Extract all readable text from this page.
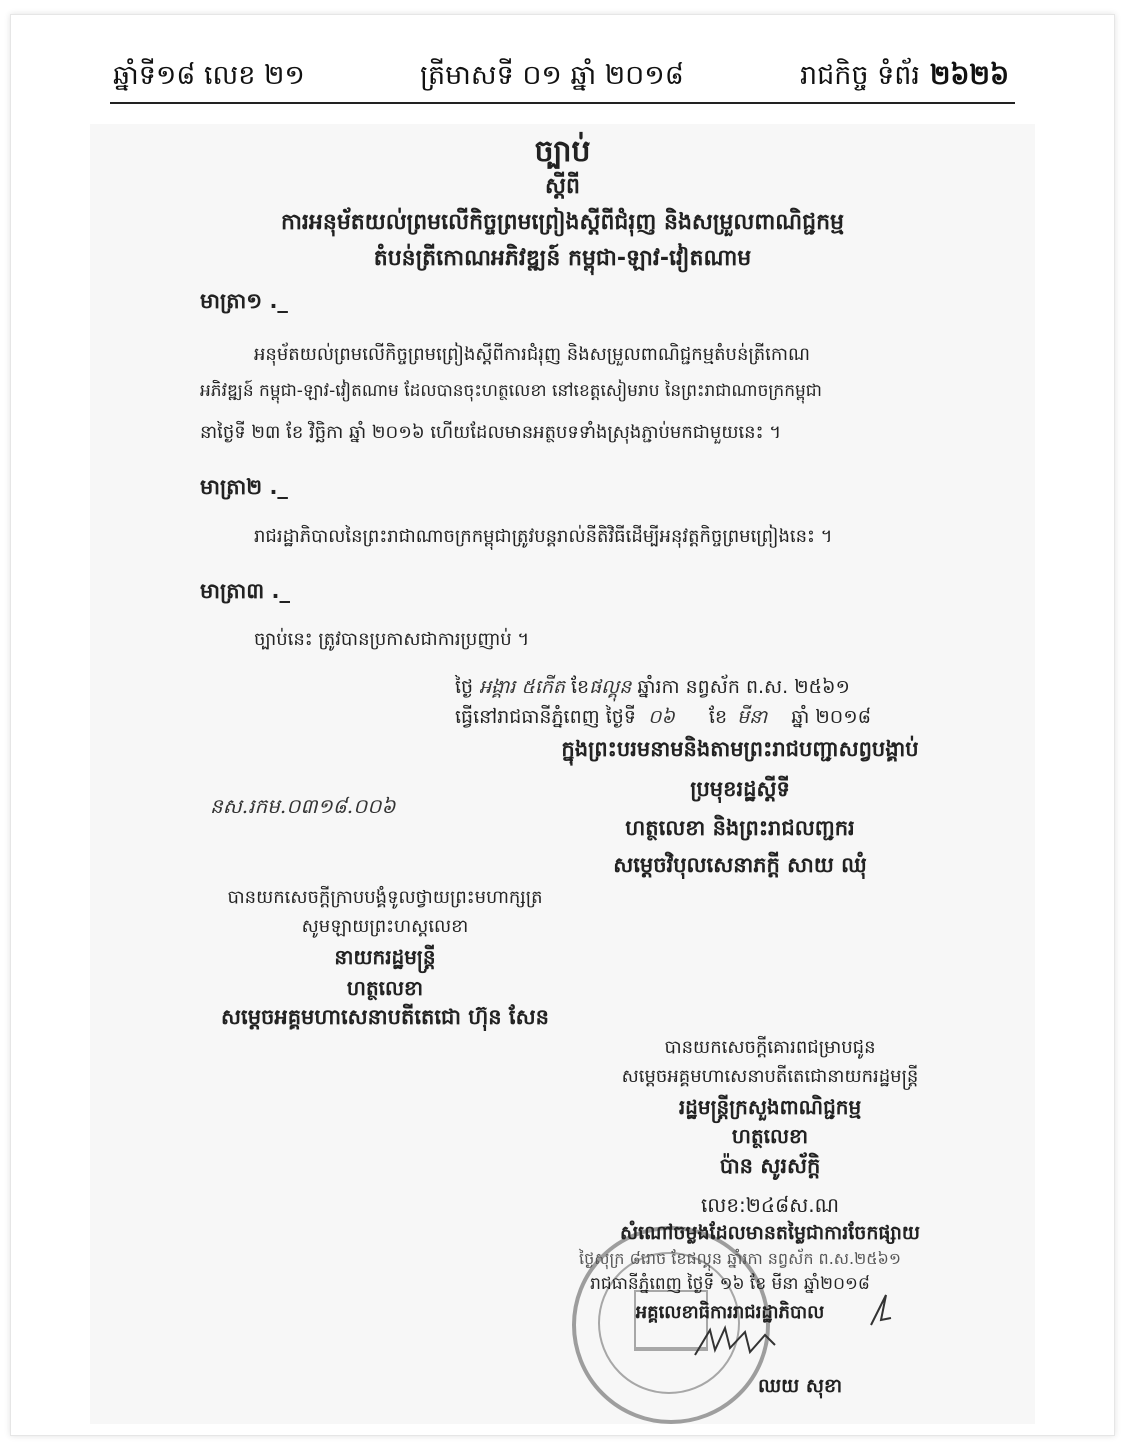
ឆ្នាំទី១៨ លេខ ២១	ត្រីមាសទី ០១ ឆ្នាំ ២០១៨	រាជកិច្ច ទំព័រ ២៦២៦
ច្បាប់
ស្តីពី
ការអនុម័តយល់ព្រមលើកិច្ចព្រមព្រៀងស្តីពីជំរុញ និងសម្រួលពាណិជ្ជកម្ម
តំបន់ត្រីកោណអភិវឌ្ឍន៍ កម្ពុជា-ឡាវ-វៀតណាម
មាត្រា១ ._
អនុម័តយល់ព្រមលើកិច្ចព្រមព្រៀងស្តីពីការជំរុញ និងសម្រួលពាណិជ្ជកម្មតំបន់ត្រីកោណ
អភិវឌ្ឍន៍ កម្ពុជា-ឡាវ-វៀតណាម ដែលបានចុះហត្ថលេខា នៅខេត្តសៀមរាប នៃព្រះរាជាណាចក្រកម្ពុជា
នាថ្ងៃទី ២៣ ខែ វិច្ឆិកា ឆ្នាំ ២០១៦ ហើយដែលមានអត្ថបទទាំងស្រុងភ្ជាប់មកជាមួយនេះ ។
មាត្រា២ ._
រាជរដ្ឋាភិបាលនៃព្រះរាជាណាចក្រកម្ពុជាត្រូវបន្តរាល់នីតិវិធីដើម្បីអនុវត្តកិច្ចព្រមព្រៀងនេះ ។
មាត្រា៣ ._
ច្បាប់នេះ ត្រូវបានប្រកាសជាការប្រញាប់ ។
ថ្ងៃ អង្គារ ៥កើត ខែផល្គុន ឆ្នាំរកា នព្វស័ក ព.ស. ២៥៦១
ធ្វើនៅរាជធានីភ្នំពេញ ថ្ងៃទី ០៦ ខែ មីនា ឆ្នាំ ២០១៨
ក្នុងព្រះបរមនាមនិងតាមព្រះរាជបញ្ជាសព្វបង្គាប់
ប្រមុខរដ្ឋស្តីទី
ហត្ថលេខា និងព្រះរាជលញ្ជករ
សម្តេចវិបុលសេនាភក្តី សាយ ឈុំ
នស.រកម.០៣១៨.០០៦
បានយកសេចក្តីក្រាបបង្គំទូលថ្វាយព្រះមហាក្សត្រ
សូមឡាយព្រះហស្តលេខា
នាយករដ្ឋមន្ត្រី
ហត្ថលេខា
សម្តេចអគ្គមហាសេនាបតីតេជោ ហ៊ុន សែន
បានយកសេចក្តីគោរពជម្រាបជូន
សម្តេចអគ្គមហាសេនាបតីតេជោនាយករដ្ឋមន្ត្រី
រដ្ឋមន្ត្រីក្រសួងពាណិជ្ជកម្ម
ហត្ថលេខា
ប៉ាន សូរស័ក្តិ
លេខ:២៤៨ស.ណ
សំណៅចម្លងដែលមានតម្លៃជាការចែកផ្សាយ
ថ្ងៃសុក្រ ៨រោច ខែផល្គុន ឆ្នាំរកា នព្វស័ក ព.ស.២៥៦១
រាជធានីភ្នំពេញ ថ្ងៃទី ១៦ ខែ មីនា ឆ្នាំ២០១៨
អគ្គលេខាធិការរាជរដ្ឋាភិបាល
ឈយ សុខា
